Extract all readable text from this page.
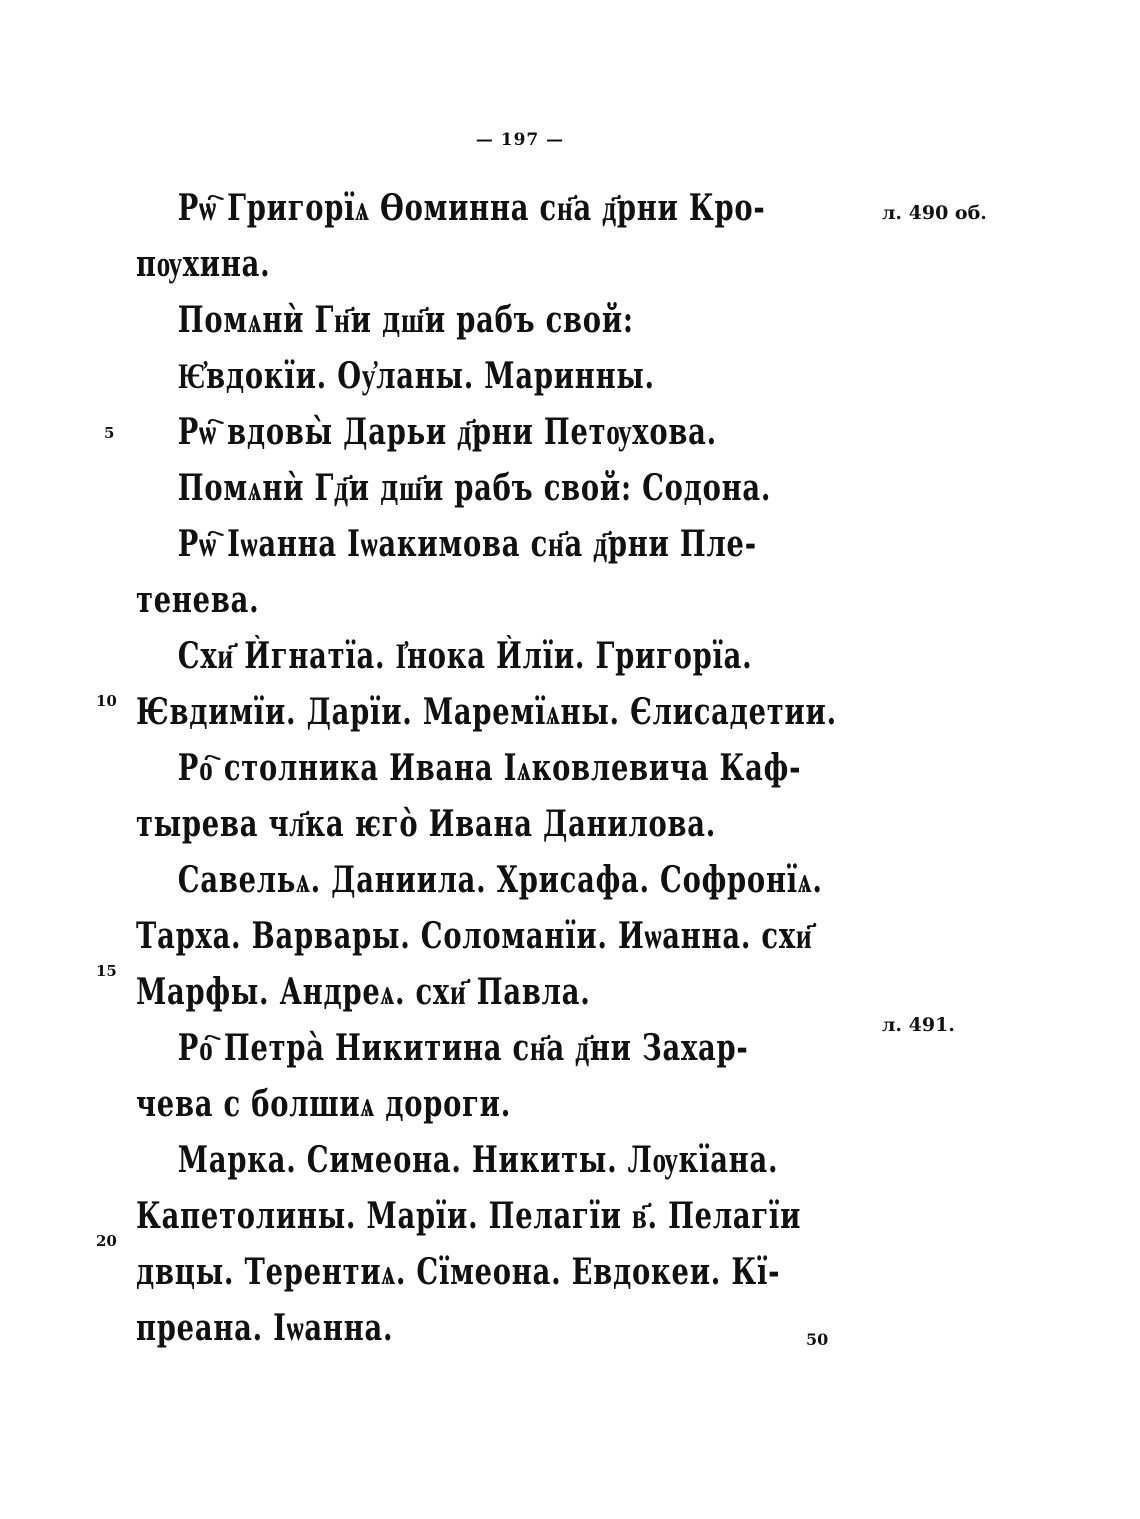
— 197 —
Рѡ҇ Григорїѧ Ѳоминна сн҃а д҃рни Кро-
пѹхина.
Помѧнѝ Гн҃и дш҃и рабъ свой:
Ѥ҆вдокїи. Оу҆ланы. Маринны.
Рѡ҇ вдовы̀ Дарьи д҃рни Петѹхова.
Помѧнѝ Гд҃и дш҃и рабъ свой: Содона.
Рѡ҇ Іѡанна Іѡакимова сн҃а д҃рни Пле-
тенева.
Схи҃ Ѝгнатїа. І҆нока Ѝлїи. Григорїа.
Ѥвдимїи. Дарїи. Маремїѧны. Єлисадетии.
Ро҇ столника Ивана Іѧковлевича Каф-
тырева чл҃ка ѥго̀ Ивана Данилова.
Савельѧ. Даниила. Хрисафа. Софронїѧ.
Тарха. Варвары. Соломанїи. Иѡанна. схи҃
Марфы. Андреѧ. схи҃ Павла.
Ро҇ Петра̀ Никитина сн҃а д҃ни Захар-
чева с болшиѧ дороги.
Марка. Симеона. Никиты. Лѹкїана.
Капетолины. Марїи. Пелагїи в҃. Пелагїи
двцы. Терентиѧ. Сїмеона. Евдокеи. Кї-
преана. Іѡанна.
5
10
15
20
л. 490 об.
л. 491.
50
